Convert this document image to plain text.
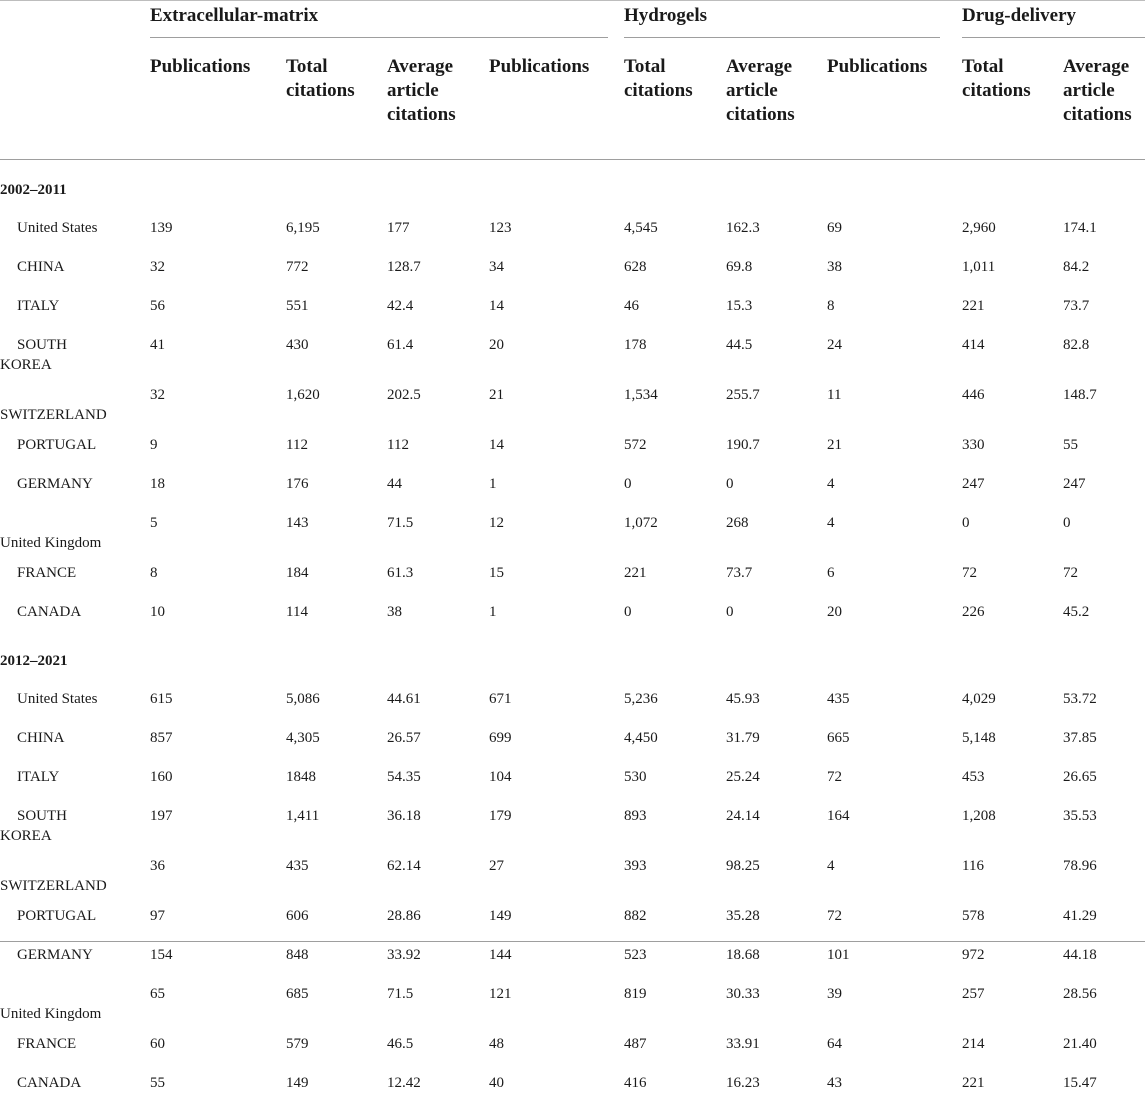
	Extracellular-matrix				Hydrogels			Drug-delivery	

	Publications	Total citations	Average article citations	Publications	Total citations	Average article citations	Publications	Total citations	Average article citations
2002–2011									
United States	139	6,195	177	123	4,545	162.3	69	2,960	174.1
CHINA	32	772	128.7	34	628	69.8	38	1,011	84.2
ITALY	56	551	42.4	14	46	15.3	8	221	73.7
SOUTH
KOREA	41	430	61.4	20	178	44.5	24	414	82.8

SWITZERLAND	32	1,620	202.5	21	1,534	255.7	11	446	148.7
PORTUGAL	9	112	112	14	572	190.7	21	330	55
GERMANY	18	176	44	1	0	0	4	247	247

United Kingdom	5	143	71.5	12	1,072	268	4	0	0
FRANCE	8	184	61.3	15	221	73.7	6	72	72
CANADA	10	114	38	1	0	0	20	226	45.2
2012–2021									
United States	615	5,086	44.61	671	5,236	45.93	435	4,029	53.72
CHINA	857	4,305	26.57	699	4,450	31.79	665	5,148	37.85
ITALY	160	1848	54.35	104	530	25.24	72	453	26.65
SOUTH
KOREA	197	1,411	36.18	179	893	24.14	164	1,208	35.53

SWITZERLAND	36	435	62.14	27	393	98.25	4	116	78.96
PORTUGAL	97	606	28.86	149	882	35.28	72	578	41.29
GERMANY	154	848	33.92	144	523	18.68	101	972	44.18

United Kingdom	65	685	71.5	121	819	30.33	39	257	28.56
FRANCE	60	579	46.5	48	487	33.91	64	214	21.40
CANADA	55	149	12.42	40	416	16.23	43	221	15.47
